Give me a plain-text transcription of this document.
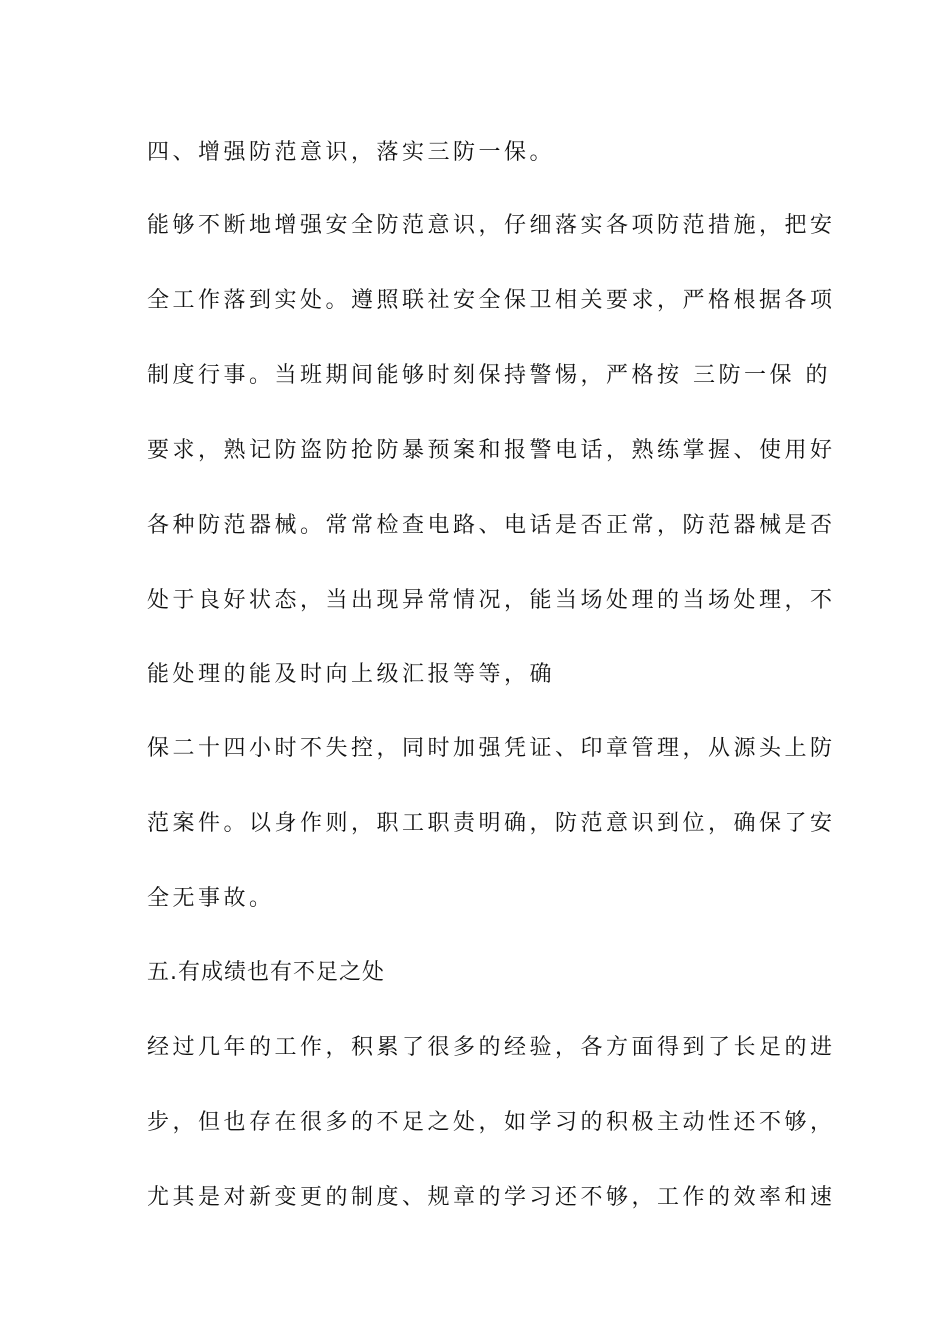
四、增强防范意识，落实三防一保。
能够不断地增强安全防范意识，仔细落实各项防范措施，把安
全工作落到实处。遵照联社安全保卫相关要求，严格根据各项
制度行事。当班期间能够时刻保持警惕，严格按 三防一保 的
要求，熟记防盗防抢防暴预案和报警电话，熟练掌握、使用好
各种防范器械。常常检查电路、电话是否正常，防范器械是否
处于良好状态，当出现异常情况，能当场处理的当场处理，不
能处理的能及时向上级汇报等等，确
保二十四小时不失控，同时加强凭证、印章管理，从源头上防
范案件。以身作则，职工职责明确，防范意识到位，确保了安
全无事故。
五.有成绩也有不足之处
经过几年的工作，积累了很多的经验，各方面得到了长足的进
步，但也存在很多的不足之处，如学习的积极主动性还不够，
尤其是对新变更的制度、规章的学习还不够，工作的效率和速
